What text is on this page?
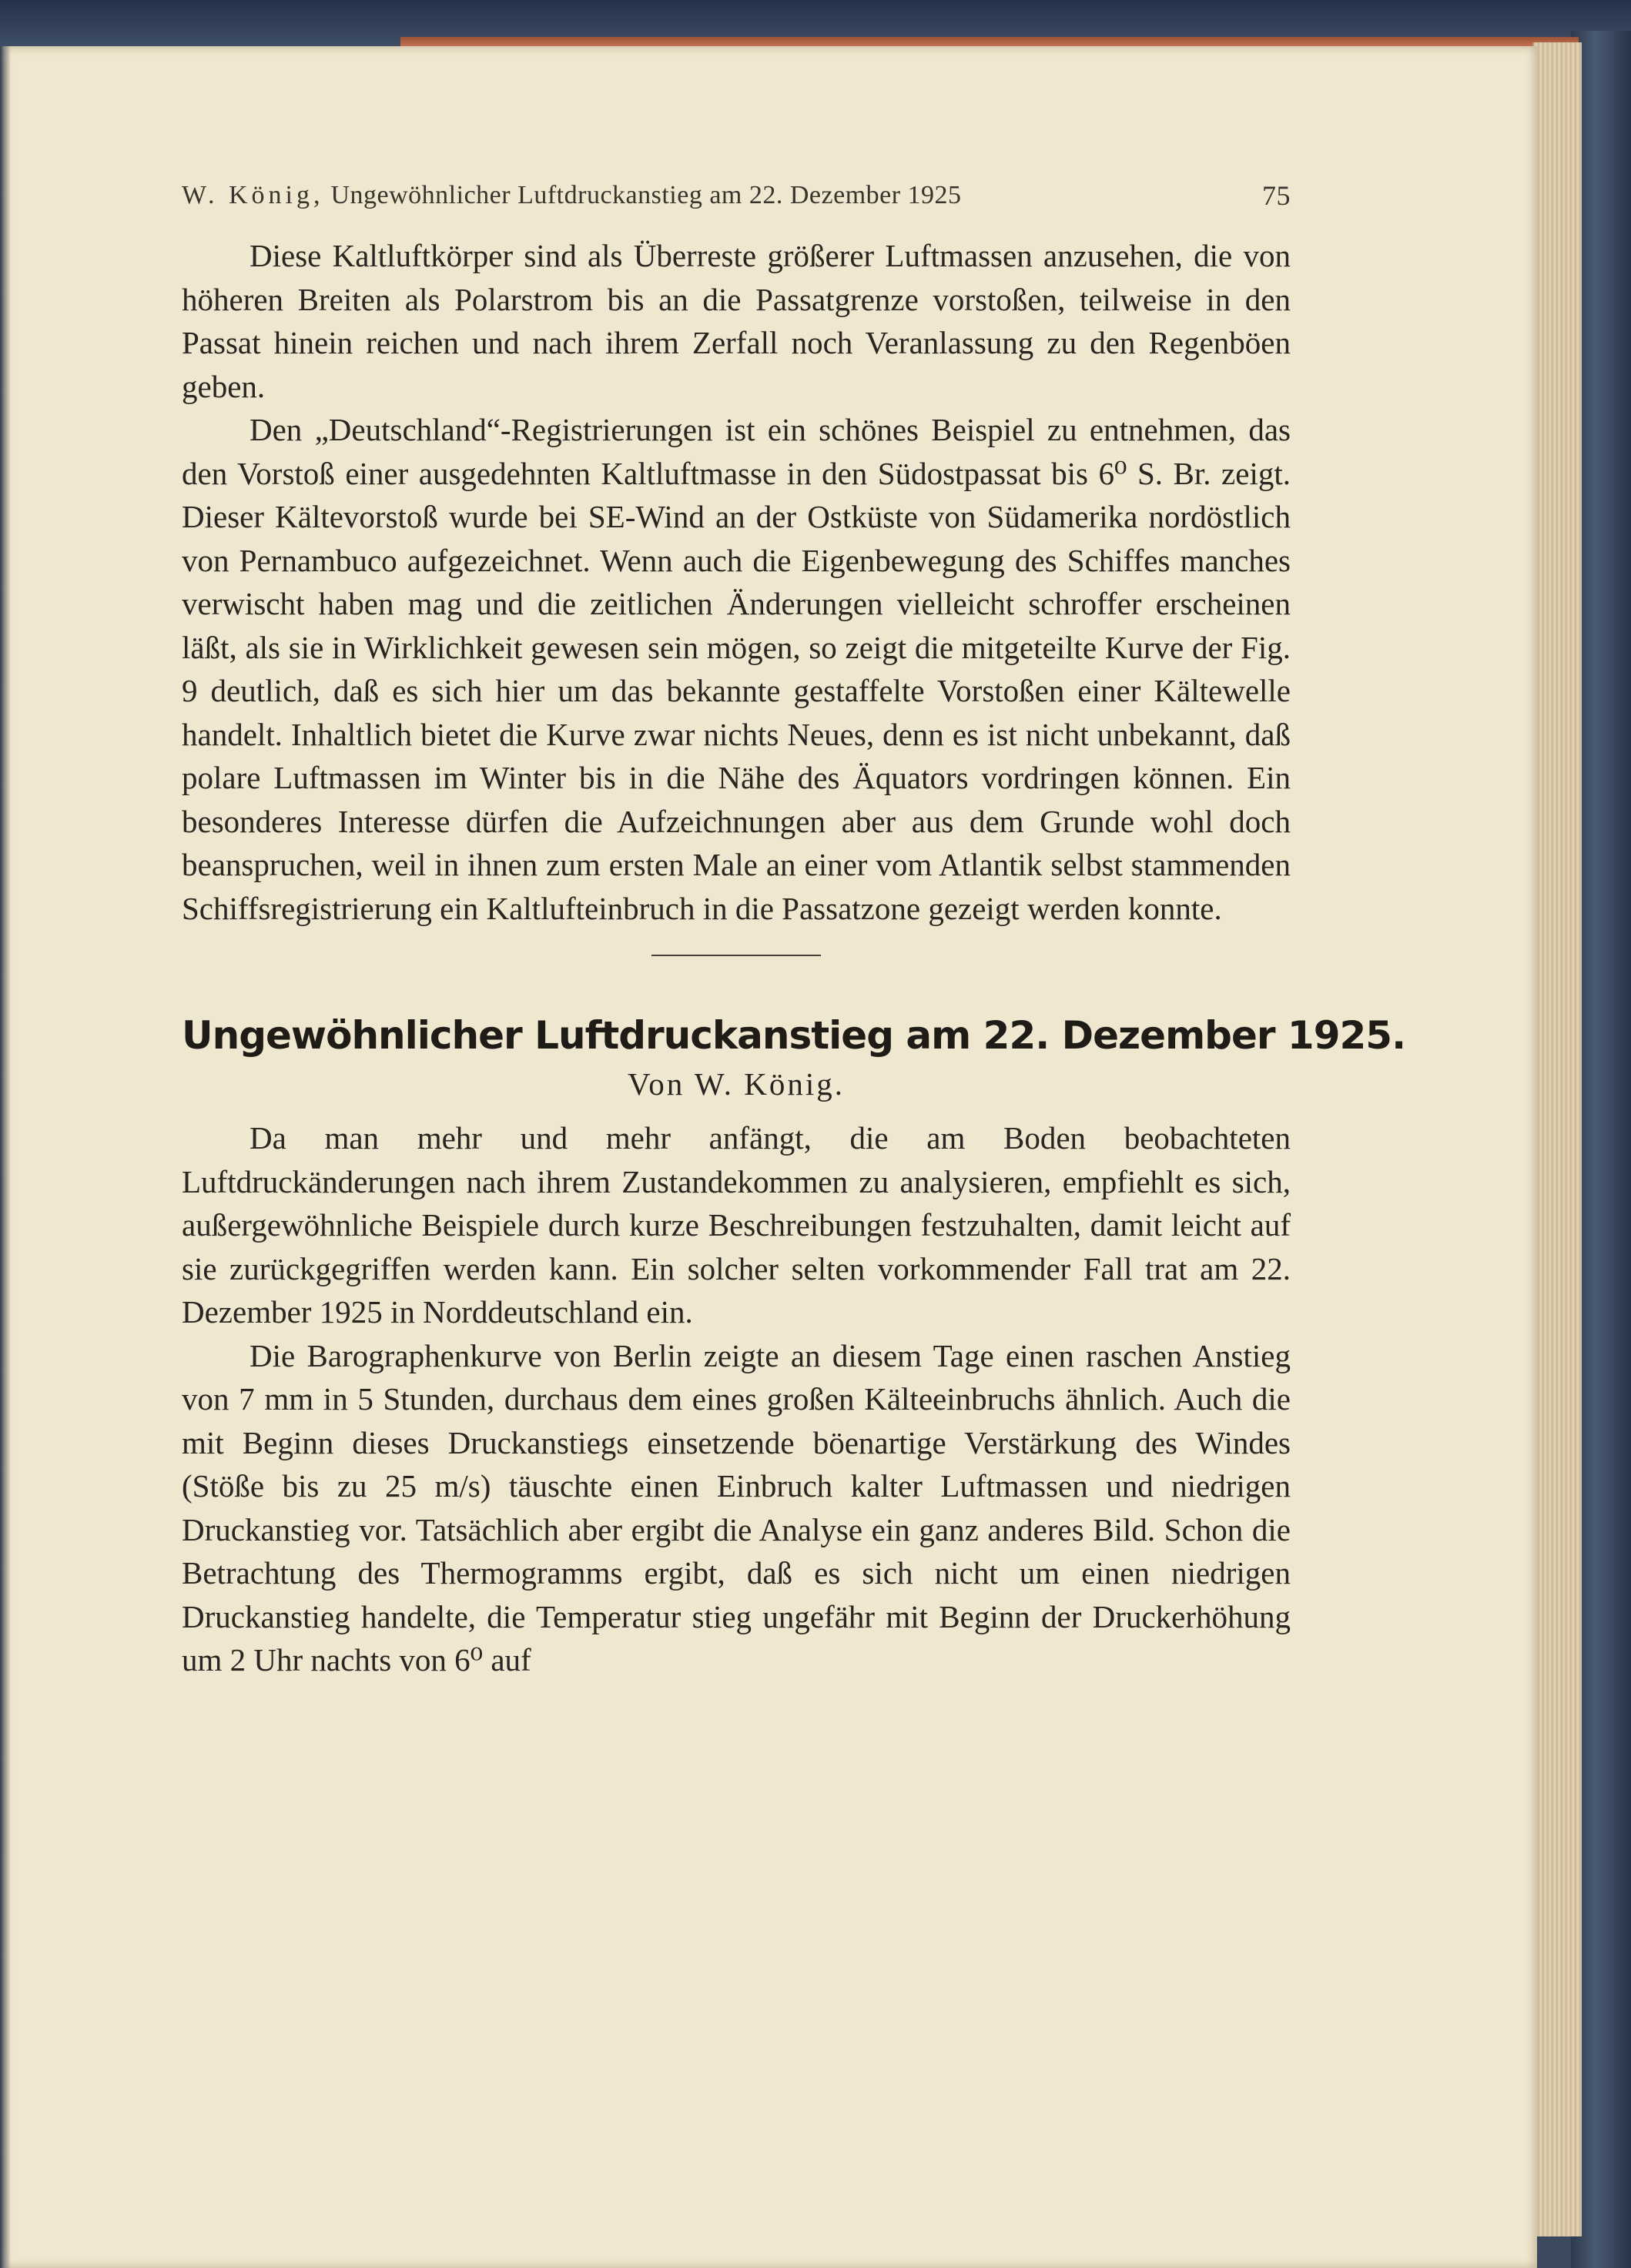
W. König, Ungewöhnlicher Luftdruckanstieg am 22. Dezember 1925	75

Diese Kaltluftkörper sind als Überreste größerer Luftmassen anzusehen, die von höheren Breiten als Polarstrom bis an die Passatgrenze vorstoßen, teilweise in den Passat hinein reichen und nach ihrem Zerfall noch Veranlassung zu den Regenböen geben.

Den „Deutschland“-Registrierungen ist ein schönes Beispiel zu entnehmen, das den Vorstoß einer ausgedehnten Kaltluftmasse in den Südostpassat bis 6⁰ S. Br. zeigt. Dieser Kältevorstoß wurde bei SE-Wind an der Ostküste von Südamerika nordöstlich von Pernambuco aufgezeichnet. Wenn auch die Eigenbewegung des Schiffes manches verwischt haben mag und die zeitlichen Änderungen vielleicht schroffer erscheinen läßt, als sie in Wirklichkeit gewesen sein mögen, so zeigt die mitgeteilte Kurve der Fig. 9 deutlich, daß es sich hier um das bekannte gestaffelte Vorstoßen einer Kältewelle handelt. Inhaltlich bietet die Kurve zwar nichts Neues, denn es ist nicht unbekannt, daß polare Luftmassen im Winter bis in die Nähe des Äquators vordringen können. Ein besonderes Interesse dürfen die Aufzeichnungen aber aus dem Grunde wohl doch beanspruchen, weil in ihnen zum ersten Male an einer vom Atlantik selbst stammenden Schiffsregistrierung ein Kaltlufteinbruch in die Passatzone gezeigt werden konnte.

Ungewöhnlicher Luftdruckanstieg am 22. Dezember 1925.
Von W. König.

Da man mehr und mehr anfängt, die am Boden beobachteten Luftdruckänderungen nach ihrem Zustandekommen zu analysieren, empfiehlt es sich, außergewöhnliche Beispiele durch kurze Beschreibungen festzuhalten, damit leicht auf sie zurückgegriffen werden kann. Ein solcher selten vorkommender Fall trat am 22. Dezember 1925 in Norddeutschland ein.

Die Barographenkurve von Berlin zeigte an diesem Tage einen raschen Anstieg von 7 mm in 5 Stunden, durchaus dem eines großen Kälteeinbruchs ähnlich. Auch die mit Beginn dieses Druckanstiegs einsetzende böenartige Verstärkung des Windes (Stöße bis zu 25 m/s) täuschte einen Einbruch kalter Luftmassen und niedrigen Druckanstieg vor. Tatsächlich aber ergibt die Analyse ein ganz anderes Bild. Schon die Betrachtung des Thermogramms ergibt, daß es sich nicht um einen niedrigen Druckanstieg handelte, die Temperatur stieg ungefähr mit Beginn der Druckerhöhung um 2 Uhr nachts von 6⁰ auf
